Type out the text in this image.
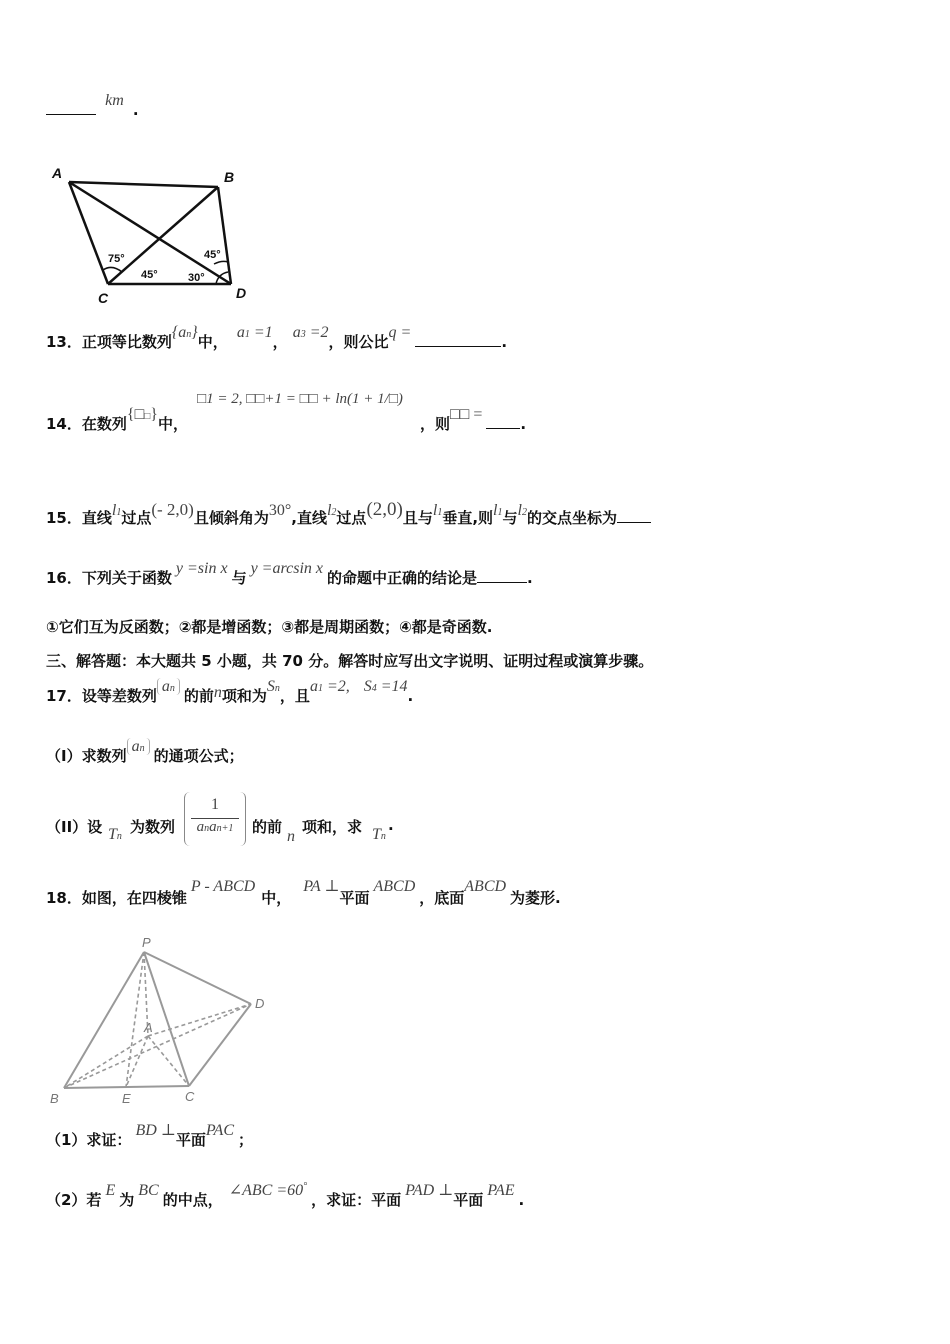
km .
A	B
C	D
75°
45°
45°
30°
13．正项等比数列{an}中， a1 =1， a3 =2，则公比q =.
14．在数列{□□}中， □1 = 2, □□+1 = □□ + ln(1 + 1/□) ，则□□ =.
15．直线l1过点(- 2,0)且倾斜角为30°,直线l2过点(2,0)且与l1垂直,则l1与l2的交点坐标为
16．下列关于函数y =sin x与y =arcsin x的命题中正确的结论是	.
①它们互为反函数；②都是增函数；③都是周期函数；④都是奇函数.
三、解答题：本大题共 5 小题，共 70 分。解答时应写出文字说明、证明过程或演算步骤。
17．设等差数列an 的前n项和为Sn，且a1 =2, S4 =14.
（I）求数列an 的通项公式；
（II）设 Tn
为数列
1
anan+1	的前
n
项和，求 Tn
.
18．如图，在四棱锥P - ABCD中，PA ⊥平面ABCD，底面ABCD为菱形.
P
A
D
B	E	C
（1）求证：BD ⊥平面PAC；
（2）若E为BC的中点，∠ABC =60°，求证：平面PAD ⊥平面PAE.
